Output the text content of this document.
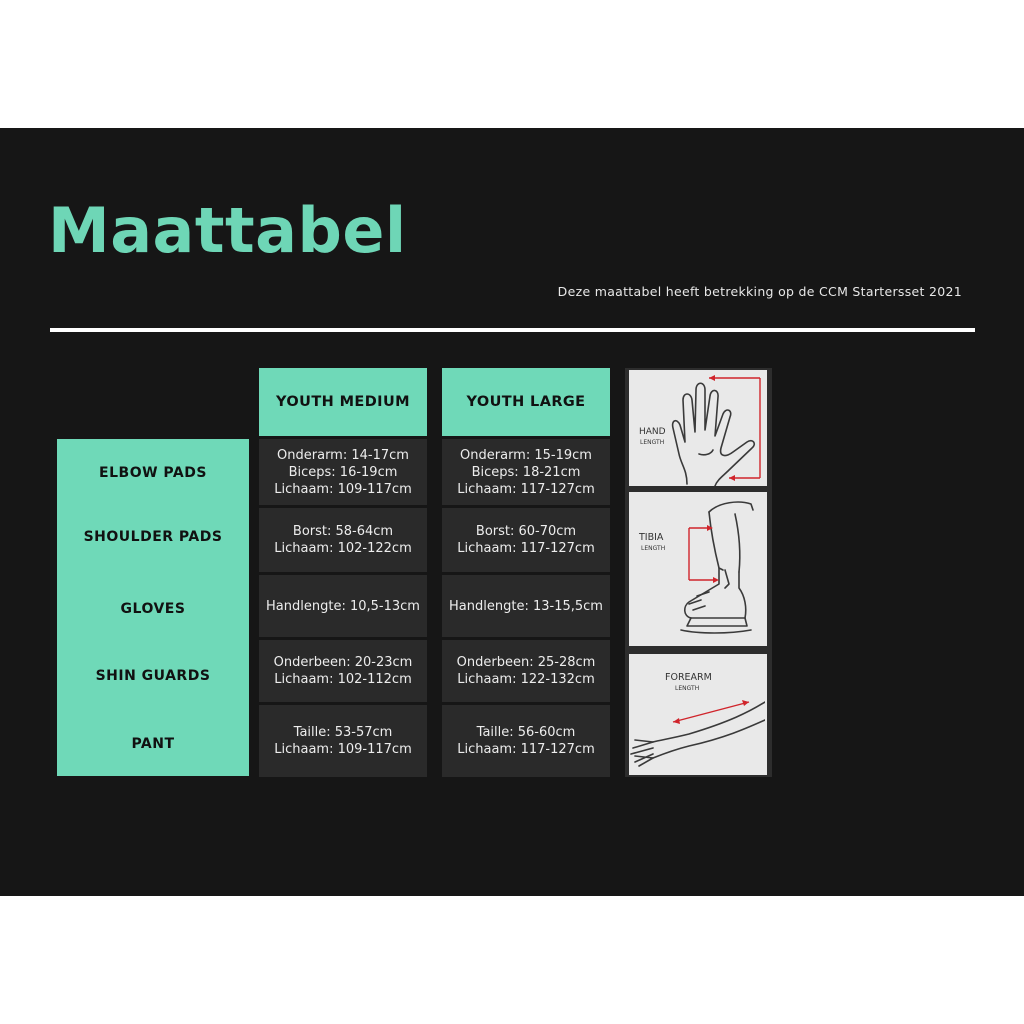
Maattabel
Deze maattabel heeft betrekking op de CCM Startersset 2021
ELBOW PADS
SHOULDER PADS
GLOVES
SHIN GUARDS
PANT
YOUTH MEDIUM	YOUTH LARGE
Onderarm: 14-17cm
Biceps: 16-19cm
Lichaam: 109-117cm
Borst: 58-64cm
Lichaam: 102-122cm
Handlengte: 10,5-13cm
Onderbeen: 20-23cm
Lichaam: 102-112cm
Taille: 53-57cm
Lichaam: 109-117cm
Onderarm: 15-19cm
Biceps: 18-21cm
Lichaam: 117-127cm
Borst: 60-70cm
Lichaam: 117-127cm
Handlengte: 13-15,5cm
Onderbeen: 25-28cm
Lichaam: 122-132cm
Taille: 56-60cm
Lichaam: 117-127cm
HAND
LENGTH
TIBIA
LENGTH
FOREARM
LENGTH
